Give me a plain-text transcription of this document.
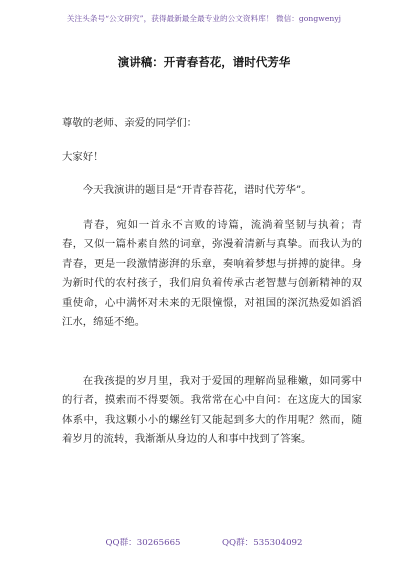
关注头条号“公文研究”，获得最新最全最专业的公文资料库！ 微信：gongwenyj
演讲稿：开青春苔花，谱时代芳华

尊敬的老师、亲爱的同学们：

大家好！

今天我演讲的题目是“开青春苔花，谱时代芳华”。

青春，宛如一首永不言败的诗篇，流淌着坚韧与执着；青春，又似一篇朴素自然的词章，弥漫着清新与真挚。而我认为的青春，更是一段激情澎湃的乐章，奏响着梦想与拼搏的旋律。身为新时代的农村孩子，我们肩负着传承古老智慧与创新精神的双重使命，心中满怀对未来的无限憧憬，对祖国的深沉热爱如滔滔江水，绵延不绝。

在我孩提的岁月里，我对于爱国的理解尚显稚嫩，如同雾中的行者，摸索而不得要领。我常常在心中自问：在这庞大的国家体系中，我这颗小小的螺丝钉又能起到多大的作用呢？然而，随着岁月的流转，我渐渐从身边的人和事中找到了答案。

QQ群：30265665	QQ群：535304092
